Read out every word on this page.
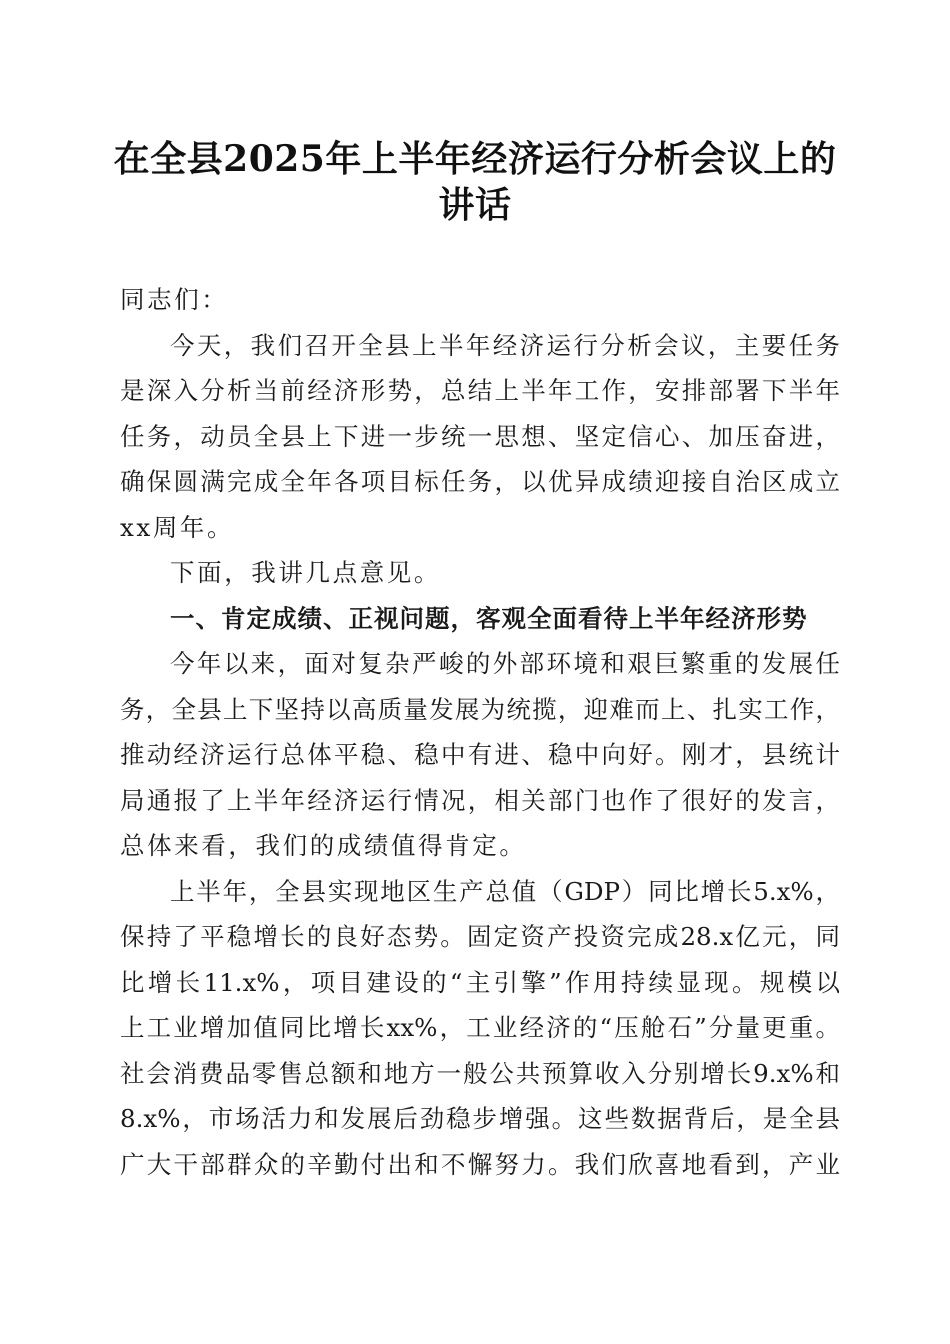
在全县2025年上半年经济运行分析会议上的
讲话
同志们：
今天，我们召开全县上半年经济运行分析会议，主要任务
是深入分析当前经济形势，总结上半年工作，安排部署下半年
任务，动员全县上下进一步统一思想、坚定信心、加压奋进，
确保圆满完成全年各项目标任务，以优异成绩迎接自治区成立
xx周年。
下面，我讲几点意见。
一、肯定成绩、正视问题，客观全面看待上半年经济形势
今年以来，面对复杂严峻的外部环境和艰巨繁重的发展任
务，全县上下坚持以高质量发展为统揽，迎难而上、扎实工作，
推动经济运行总体平稳、稳中有进、稳中向好。刚才，县统计
局通报了上半年经济运行情况，相关部门也作了很好的发言，
总体来看，我们的成绩值得肯定。
上半年，全县实现地区生产总值（GDP）同比增长5.x%，
保持了平稳增长的良好态势。固定资产投资完成28.x亿元，同
比增长11.x%，项目建设的“主引擎”作用持续显现。规模以
上工业增加值同比增长xx%，工业经济的“压舱石”分量更重。
社会消费品零售总额和地方一般公共预算收入分别增长9.x%和
8.x%，市场活力和发展后劲稳步增强。这些数据背后，是全县
广大干部群众的辛勤付出和不懈努力。我们欣喜地看到，产业
